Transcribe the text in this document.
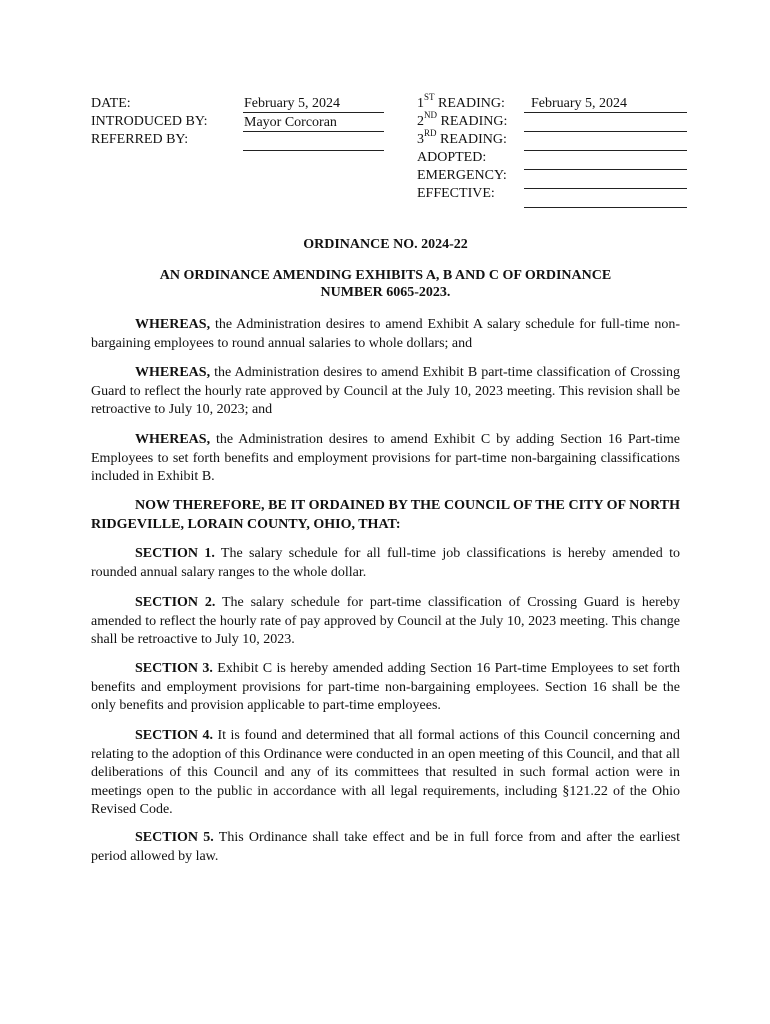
DATE:
INTRODUCED BY:
REFERRED BY:
February 5, 2024
Mayor Corcoran
1ST READING:
2ND READING:
3RD READING:
ADOPTED:
EMERGENCY:
EFFECTIVE:
February 5, 2024
ORDINANCE NO. 2024-22
AN ORDINANCE AMENDING EXHIBITS A, B AND C OF ORDINANCE
NUMBER 6065-2023.

WHEREAS, the Administration desires to amend Exhibit A salary schedule for full-time non-bargaining employees to round annual salaries to whole dollars; and

WHEREAS, the Administration desires to amend Exhibit B part-time classification of Crossing Guard to reflect the hourly rate approved by Council at the July 10, 2023 meeting. This revision shall be retroactive to July 10, 2023; and

WHEREAS, the Administration desires to amend Exhibit C by adding Section 16 Part-time Employees to set forth benefits and employment provisions for part-time non-bargaining classifications included in Exhibit B.

NOW THEREFORE, BE IT ORDAINED BY THE COUNCIL OF THE CITY OF NORTH RIDGEVILLE, LORAIN COUNTY, OHIO, THAT:

SECTION 1. The salary schedule for all full-time job classifications is hereby amended to rounded annual salary ranges to the whole dollar.

SECTION 2. The salary schedule for part-time classification of Crossing Guard is hereby amended to reflect the hourly rate of pay approved by Council at the July 10, 2023 meeting. This change shall be retroactive to July 10, 2023.

SECTION 3. Exhibit C is hereby amended adding Section 16 Part-time Employees to set forth benefits and employment provisions for part-time non-bargaining employees. Section 16 shall be the only benefits and provision applicable to part-time employees.

SECTION 4. It is found and determined that all formal actions of this Council concerning and relating to the adoption of this Ordinance were conducted in an open meeting of this Council, and that all deliberations of this Council and any of its committees that resulted in such formal action were in meetings open to the public in accordance with all legal requirements, including §121.22 of the Ohio Revised Code.

SECTION 5. This Ordinance shall take effect and be in full force from and after the earliest period allowed by law.
